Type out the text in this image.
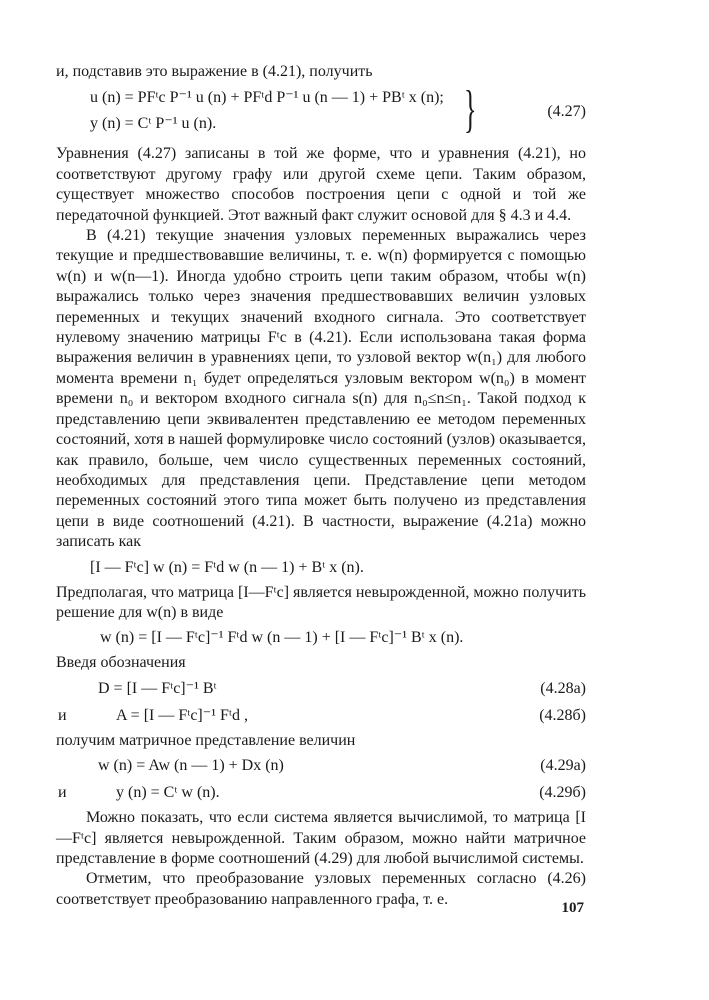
и, подставив это выражение в (4.21), получить

u (n) = PFᵗc P⁻¹ u (n) + PFᵗd P⁻¹ u (n — 1) + PBᵗ x (n);
y (n) = Cᵗ P⁻¹ u (n).	}	(4.27)

Уравнения (4.27) записаны в той же форме, что и уравнения (4.21), но соответствуют другому графу или другой схеме цепи. Таким образом, существует множество способов построения цепи с одной и той же передаточной функцией. Этот важный факт служит основой для § 4.3 и 4.4.

В (4.21) текущие значения узловых переменных выражались через текущие и предшествовавшие величины, т. е. w(n) формируется с помощью w(n) и w(n—1). Иногда удобно строить цепи таким образом, чтобы w(n) выражались только через значения предшествовавших величин узловых переменных и текущих значений входного сигнала. Это соответствует нулевому значению матрицы Fᵗc в (4.21). Если использована такая форма выражения величин в уравнениях цепи, то узловой вектор w(n₁) для любого момента времени n₁ будет определяться узловым вектором w(n₀) в момент времени n₀ и вектором входного сигнала s(n) для n₀≤n≤n₁. Такой подход к представлению цепи эквивалентен представлению ее методом переменных состояний, хотя в нашей формулировке число состояний (узлов) оказывается, как правило, больше, чем число существенных переменных состояний, необходимых для представления цепи. Представление цепи методом переменных состояний этого типа может быть получено из представления цепи в виде соотношений (4.21). В частности, выражение (4.21а) можно записать как

[I — Fᵗc] w (n) = Fᵗd w (n — 1) + Bᵗ x (n).

Предполагая, что матрица [I—Fᵗc] является невырожденной, можно получить решение для w(n) в виде

w (n) = [I — Fᵗc]⁻¹ Fᵗd w (n — 1) + [I — Fᵗc]⁻¹ Bᵗ x (n).

Введя обозначения

D = [I — Fᵗc]⁻¹ Bᵗ	(4.28а)
и	A = [I — Fᵗc]⁻¹ Fᵗd ,	(4.28б)

получим матричное представление величин

w (n) = Aw (n — 1) + Dx (n)	(4.29а)
и	y (n) = Cᵗ w (n).	(4.29б)

Можно показать, что если система является вычислимой, то матрица [I—Fᵗc] является невырожденной. Таким образом, можно найти матричное представление в форме соотношений (4.29) для любой вычислимой системы.

Отметим, что преобразование узловых переменных согласно (4.26) соответствует преобразованию направленного графа, т. е.

107
